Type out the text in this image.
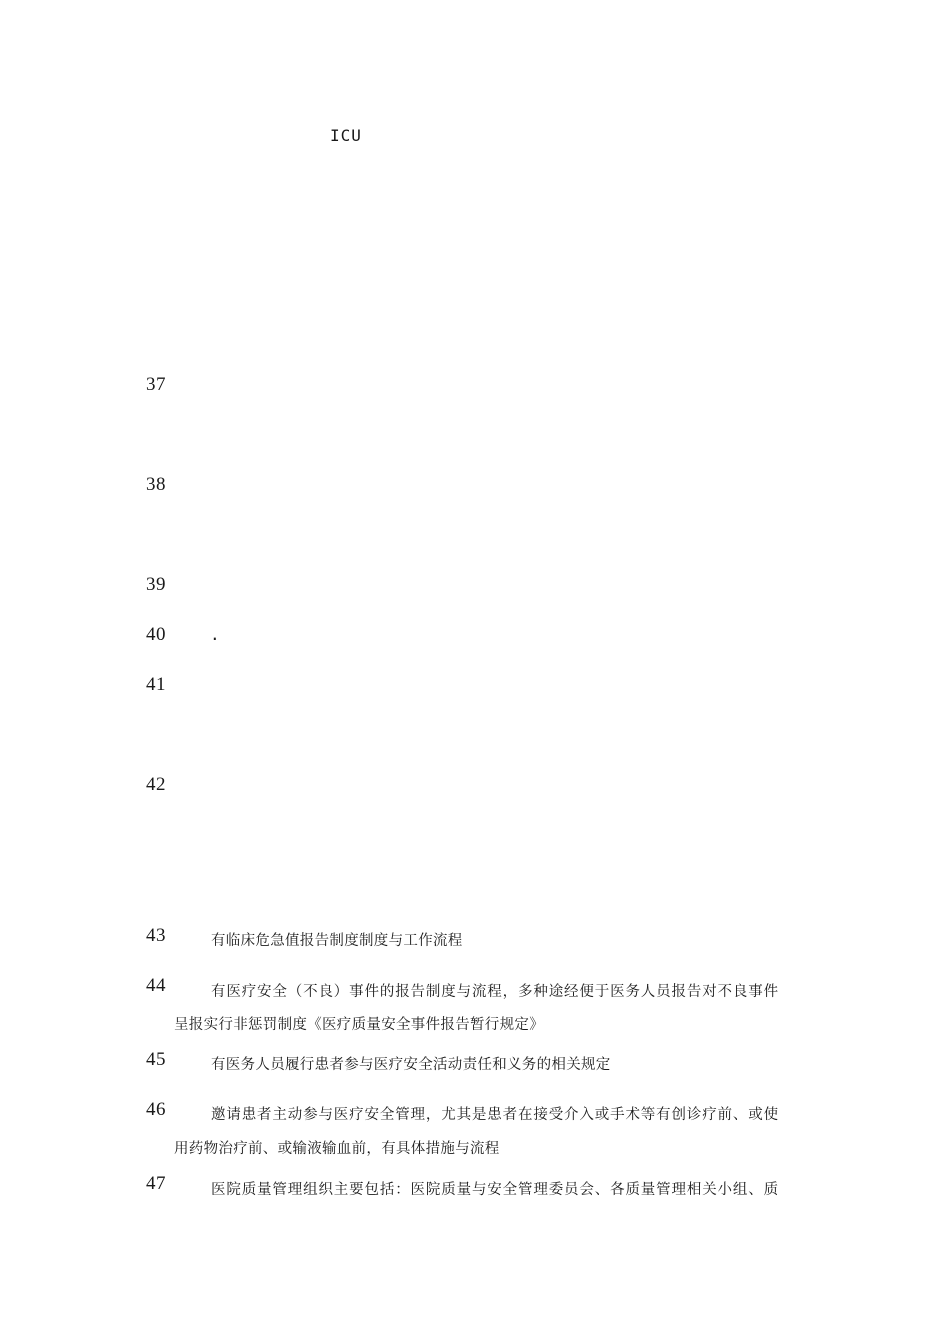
ICU
37
38
39
40	.
41
42
43	有临床危急值报告制度制度与工作流程
44	有医疗安全（不良）事件的报告制度与流程，多种途经便于医务人员报告对不良事件
呈报实行非惩罚制度《医疗质量安全事件报告暂行规定》
45	有医务人员履行患者参与医疗安全活动责任和义务的相关规定
46	邀请患者主动参与医疗安全管理，尤其是患者在接受介入或手术等有创诊疗前、或使
用药物治疗前、或输液输血前，有具体措施与流程
47	医院质量管理组织主要包括：医院质量与安全管理委员会、各质量管理相关小组、质
